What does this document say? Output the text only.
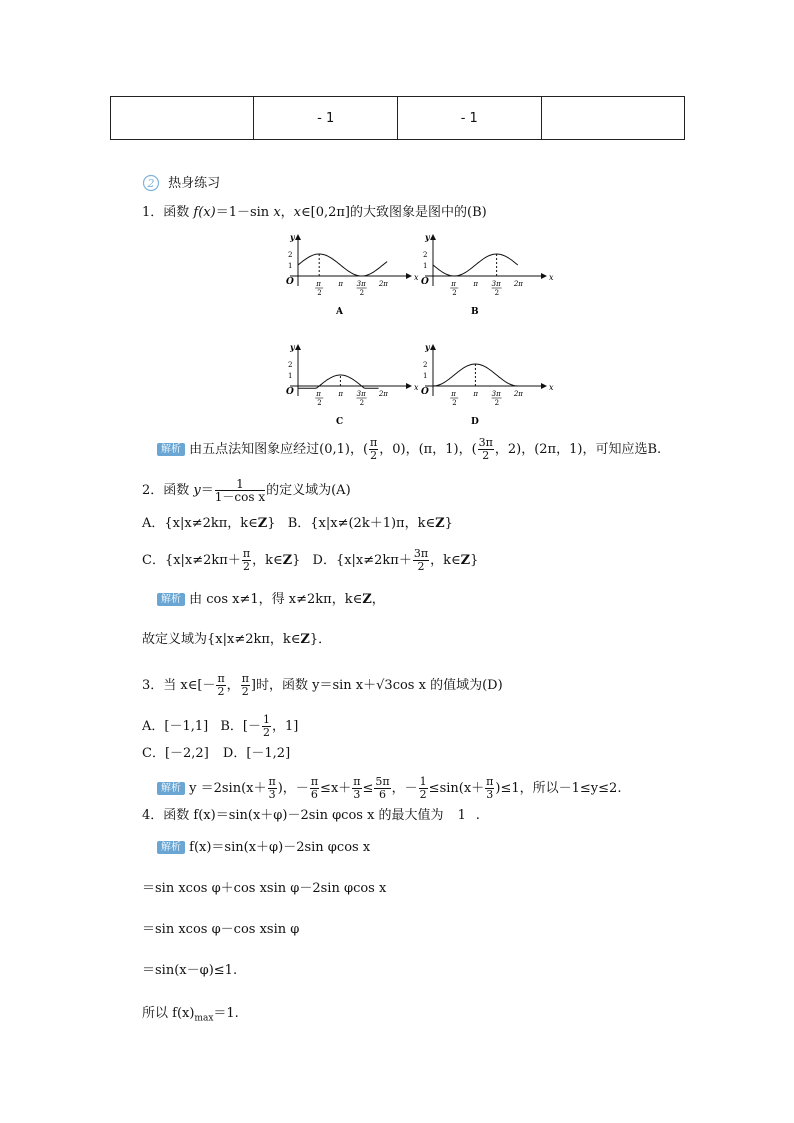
	- 1	- 1	
2 热身练习
1．函数 f(x)＝1－sin x，x∈[0,2π]的大致图象是图中的(B)
x
y
O
1
2
π
2
π 3π
2
2π
A
x
y
O
1
2
π
2
π 3π
2
2π
B
x
y
O
1
2
π
2
π 3π
2
2π
C
x
y
O
1
2
π
2
π 3π
2
2π
D
解析 由五点法知图象应经过(0,1)，( $\frac{\pi}{2}$ ，0)，(π，1)，( $\frac{3\pi}{2}$ ，2)，(2π，1)，可知应选B.
2．函数 $y= \frac{1}{\text{1－cos x}}$ 的定义域为(A)
A．{x|x≠2kπ，k∈Z} B．{x|x≠(2k＋1)π，k∈Z}
C．{$x|x\ne 2k\pi+ \frac{\pi}{2}$ ，k∈Z} D．{$x|x\ne 2k\pi+ \frac{3\pi}{2}$ ，k∈Z}
解析 由 cos x≠1，得 x≠2kπ，k∈Z，
故定义域为{x|x≠2kπ，k∈Z}．
3．当 x∈[－ $\frac{\pi}{2}$ ， $\frac{\pi}{2}$ ]时，函数 y＝sin x＋√3cos x 的值域为(D)
A．[－1,1] B．[－ $\frac{1}{2}$ ，1]
C．[－2,2] D．[－1,2]
解析 $y =2\sin(x+ \frac{\pi}{3}$ )，－ $\frac{\pi}{6} \le x+ \frac{\pi}{3} \le \frac{5\pi}{6}$ ，－ $\frac{1}{2} \le\sin(x+ \frac{\pi}{3} )\le 1$，所以－1≤y≤2.
4．函数 f(x)＝sin(x＋φ)－2sin φcos x 的最大值为 1 .
解析 f(x)＝sin(x＋φ)－2sin φcos x
＝sin xcos φ＋cos xsin φ－2sin φcos x
＝sin xcos φ－cos xsin φ
＝sin(x－φ)≤1.
所以 $f(x)_{max}=1$.
